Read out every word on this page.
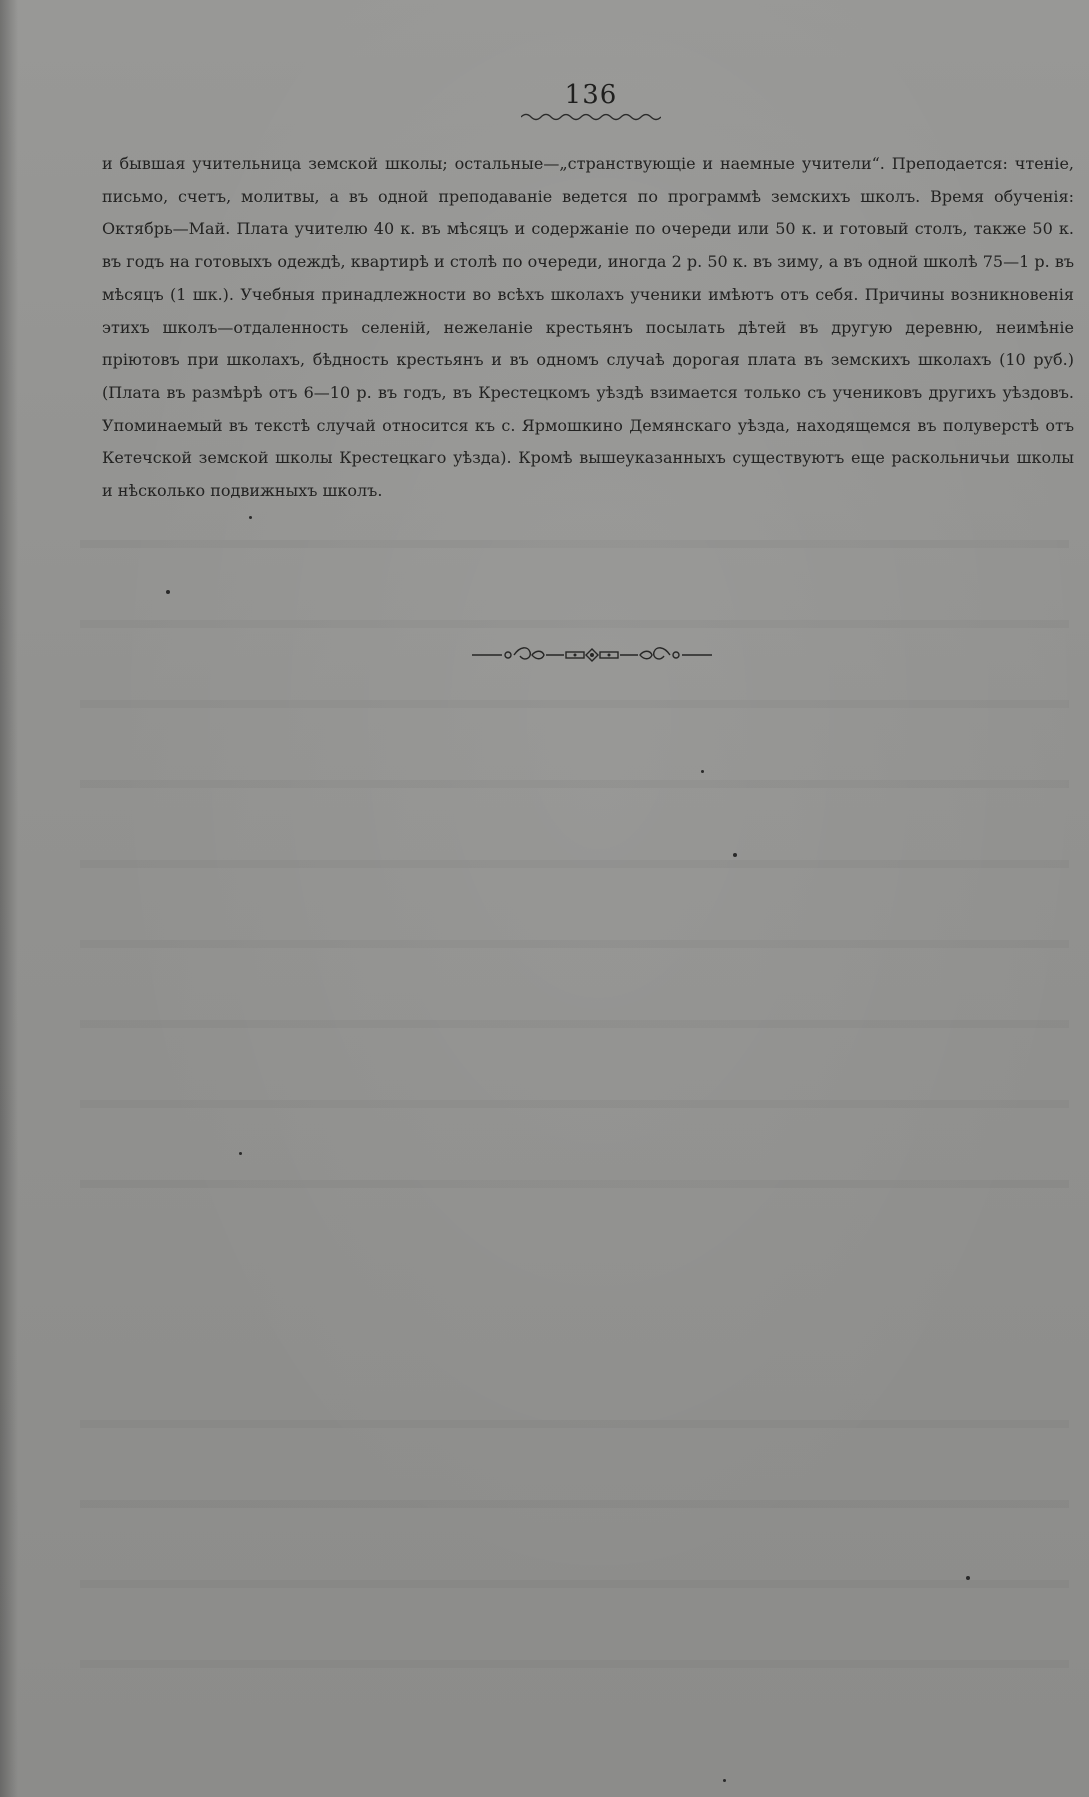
136
и бывшая учительница земской школы; остальные—„странствующіе и наемные учители“. Преподается: чтеніе, письмо, счетъ, молитвы, а въ одной преподаваніе ведется по программѣ земскихъ школъ. Время обученія: Октябрь—Май. Плата учителю 40 к. въ мѣсяцъ и содержаніе по очереди или 50 к. и готовый столъ, также 50 к. въ годъ на готовыхъ одеждѣ, квартирѣ и столѣ по очереди, иногда 2 р. 50 к. въ зиму, а въ одной школѣ 75—1 р. въ мѣсяцъ (1 шк.). Учебныя принадлежности во всѣхъ школахъ ученики имѣютъ отъ себя. Причины возникновенія этихъ школъ—отдаленность селеній, нежеланіе крестьянъ посылать дѣтей въ другую деревню, неимѣніе пріютовъ при школахъ, бѣдность крестьянъ и въ одномъ случаѣ дорогая плата въ земскихъ школахъ (10 руб.) (Плата въ размѣрѣ отъ 6—10 р. въ годъ, въ Крестецкомъ уѣздѣ взимается только съ учениковъ другихъ уѣздовъ. Упоминаемый въ текстѣ случай относится къ с. Ярмошкино Демянскаго уѣзда, находящемся въ полуверстѣ отъ Кетечской земской школы Крестецкаго уѣзда). Кромѣ вышеуказанныхъ существуютъ еще раскольничьи школы и нѣсколько подвижныхъ школъ.
